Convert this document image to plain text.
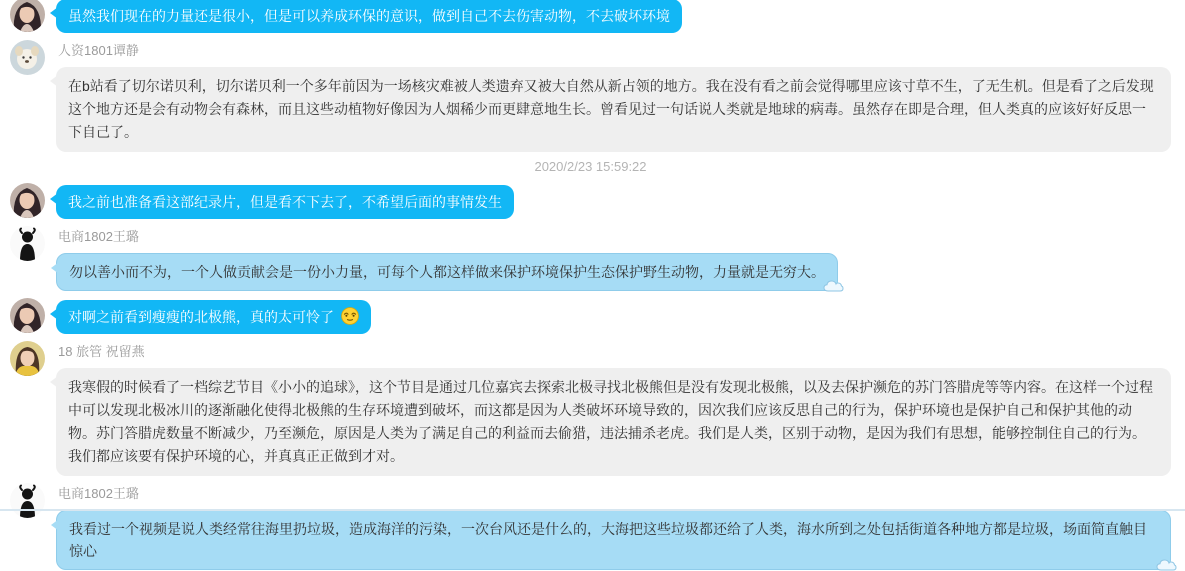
虽然我们现在的力量还是很小，但是可以养成环保的意识，做到自己不去伤害动物，不去破坏环境
人资1801谭静
在b站看了切尔诺贝利，切尔诺贝利一个多年前因为一场核灾难被人类遗弃又被大自然从新占领的地方。我在没有看之前会觉得哪里应该寸草不生，了无生机。但是看了之后发现这个地方还是会有动物会有森林，而且这些动植物好像因为人烟稀少而更肆意地生长。曾看见过一句话说人类就是地球的病毒。虽然存在即是合理，但人类真的应该好好反思一下自己了。
2020/2/23 15:59:22
我之前也准备看这部纪录片，但是看不下去了，不希望后面的事情发生
电商1802王璐
勿以善小而不为，一个人做贡献会是一份小力量，可每个人都这样做来保护环境保护生态保护野生动物，力量就是无穷大。
对啊之前看到瘦瘦的北极熊，真的太可怜了
18 旅管 祝留燕
我寒假的时候看了一档综艺节目《小小的追球》，这个节目是通过几位嘉宾去探索北极寻找北极熊但是没有发现北极熊，以及去保护濒危的苏门答腊虎等等内容。在这样一个过程中可以发现北极冰川的逐渐融化使得北极熊的生存环境遭到破坏，而这都是因为人类破坏环境导致的，因次我们应该反思自己的行为，保护环境也是保护自己和保护其他的动物。苏门答腊虎数量不断减少，乃至濒危，原因是人类为了满足自己的利益而去偷猎，违法捕杀老虎。我们是人类，区别于动物，是因为我们有思想，能够控制住自己的行为。我们都应该要有保护环境的心，并真真正正做到才对。
电商1802王璐
我看过一个视频是说人类经常往海里扔垃圾，造成海洋的污染，一次台风还是什么的，大海把这些垃圾都还给了人类，海水所到之处包括街道各种地方都是垃圾，场面简直触目惊心
